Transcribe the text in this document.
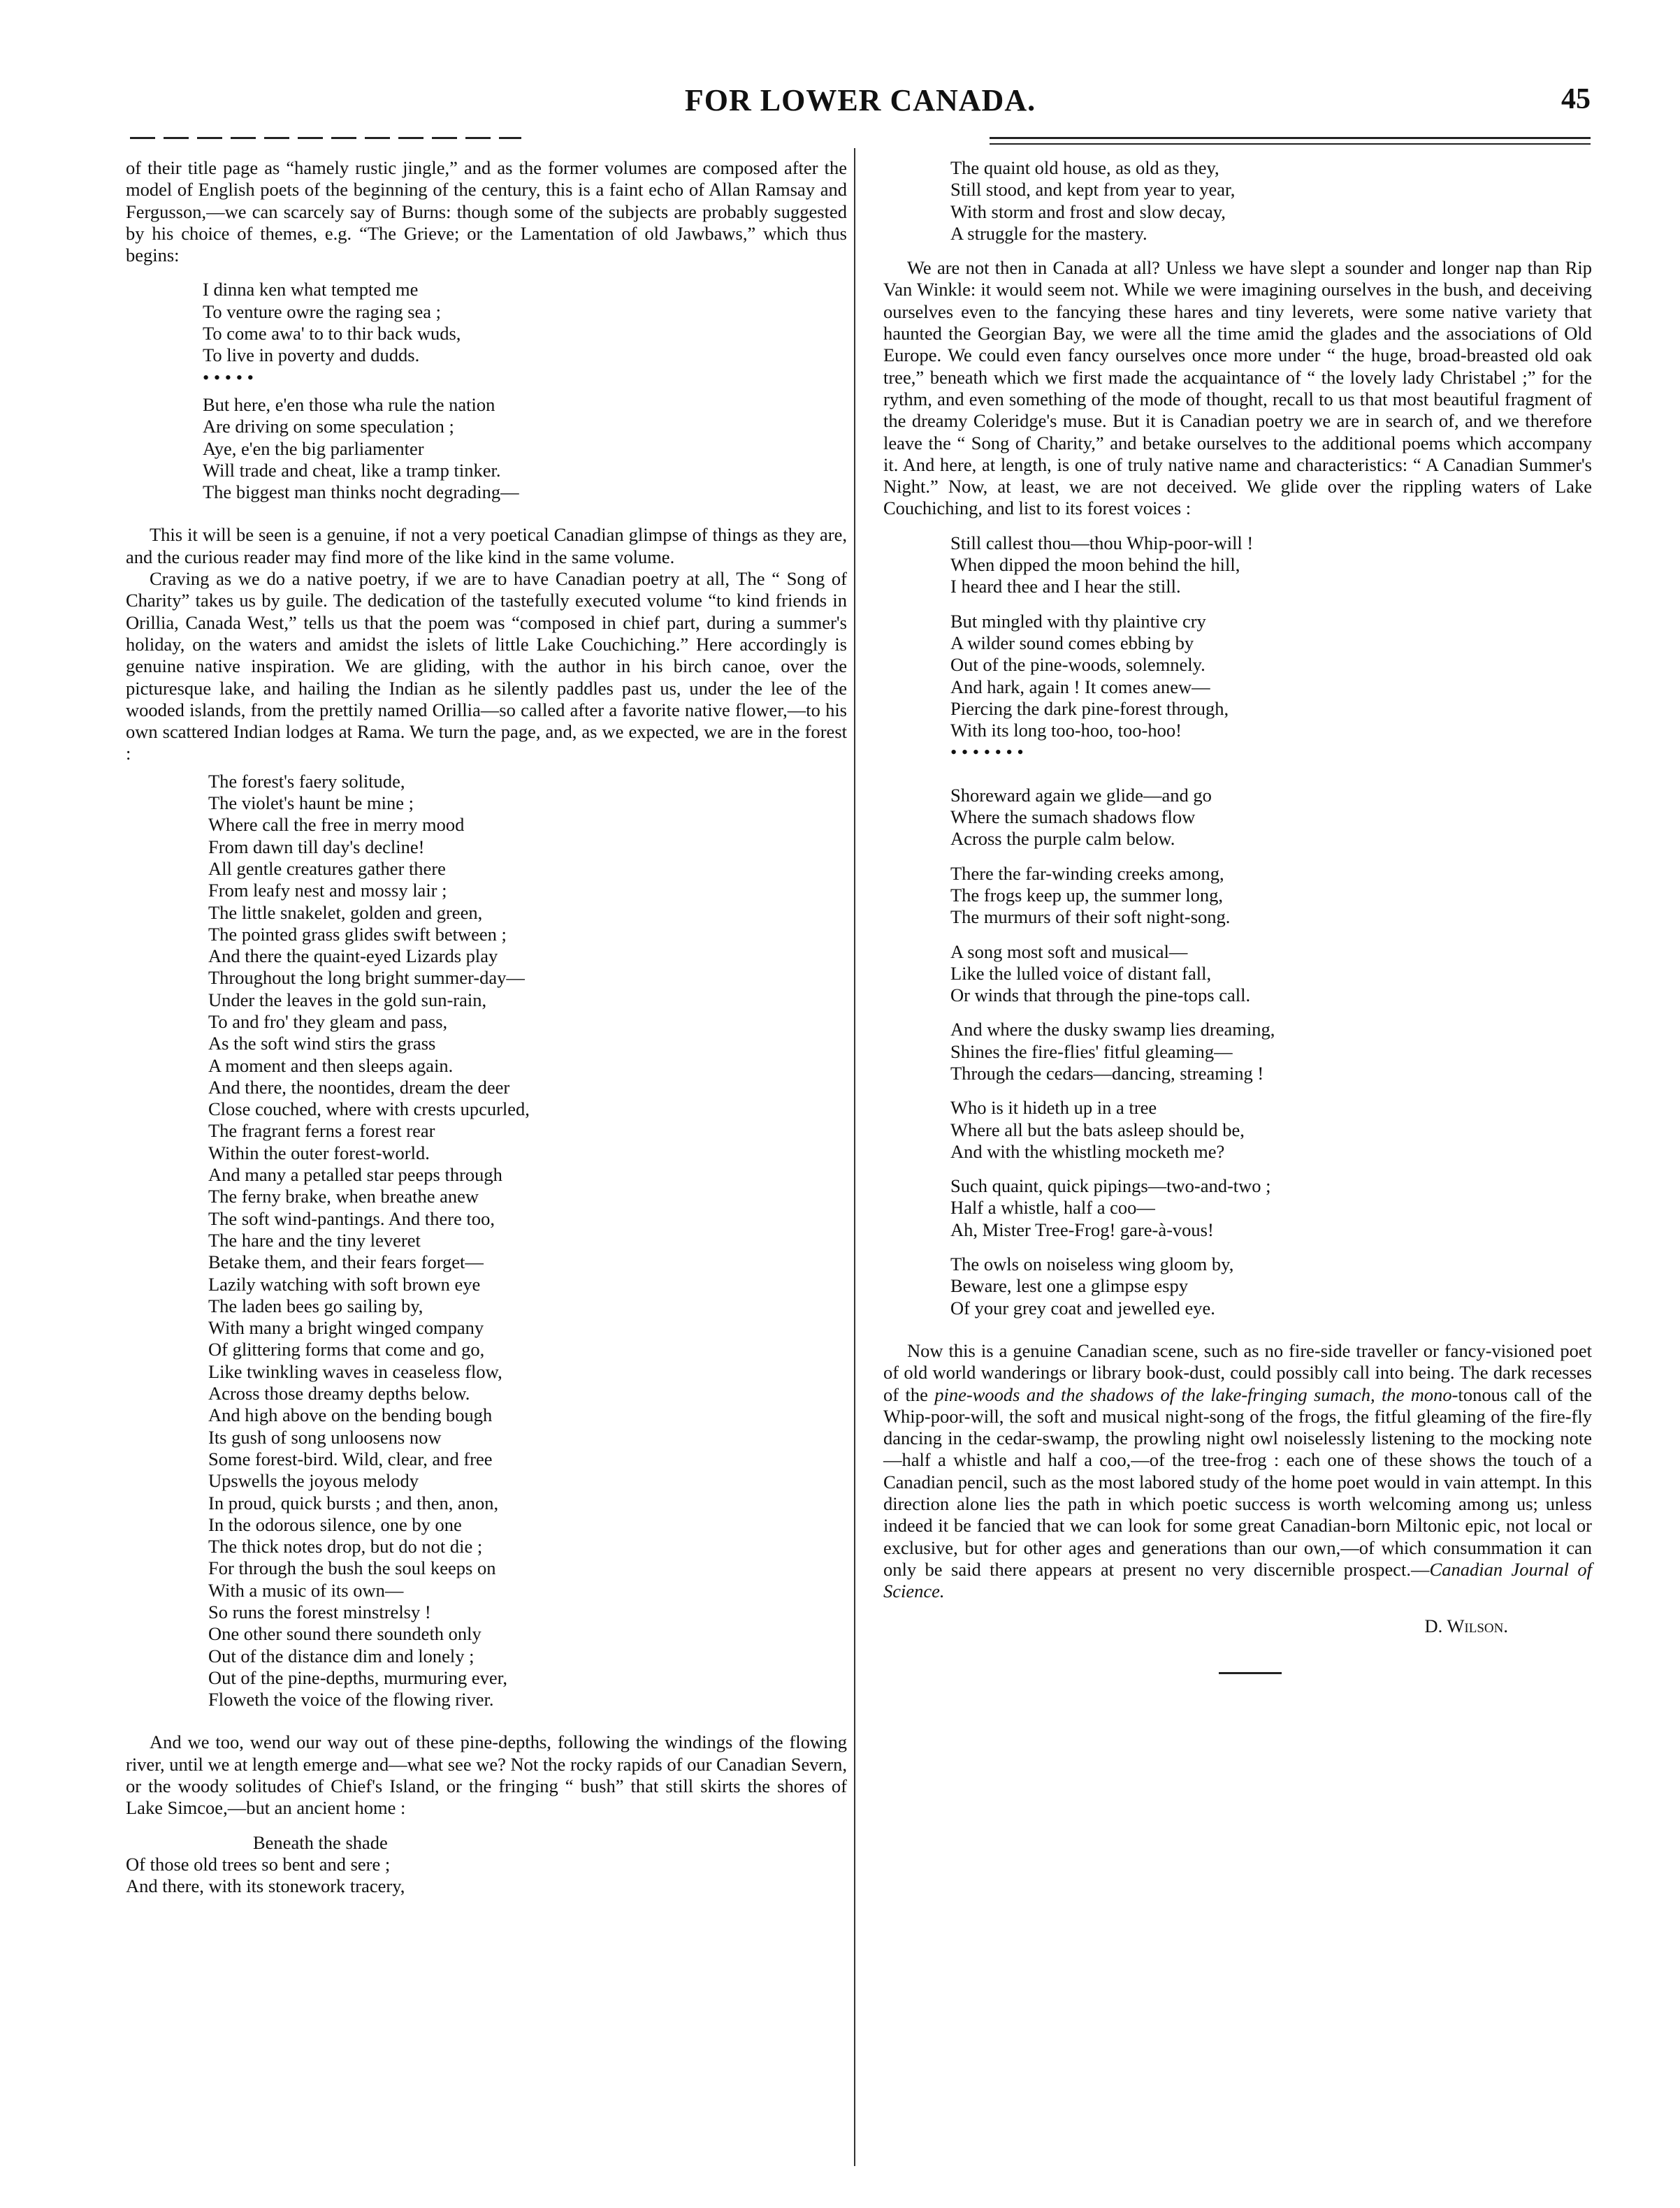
FOR LOWER CANADA.	45

of their title page as “hamely rustic jingle,” and as the former volumes are composed after the model of English poets of the beginning of the century, this is a faint echo of Allan Ramsay and Fergusson,—we can scarcely say of Burns: though some of the subjects are probably suggested by his choice of themes, e.g. “The Grieve; or the Lamentation of old Jawbaws,” which thus begins:

I dinna ken what tempted me
To venture owre the raging sea ;
To come awa' to to thir back wuds,
To live in poverty and dudds.
• • • • •
But here, e'en those wha rule the nation
Are driving on some speculation ;
Aye, e'en the big parliamenter
Will trade and cheat, like a tramp tinker.
The biggest man thinks nocht degrading—

This it will be seen is a genuine, if not a very poetical Canadian glimpse of things as they are, and the curious reader may find more of the like kind in the same volume.

Craving as we do a native poetry, if we are to have Canadian poetry at all, The “ Song of Charity” takes us by guile. The dedication of the tastefully executed volume “to kind friends in Orillia, Canada West,” tells us that the poem was “composed in chief part, during a summer's holiday, on the waters and amidst the islets of little Lake Couchiching.” Here accordingly is genuine native inspiration. We are gliding, with the author in his birch canoe, over the picturesque lake, and hailing the Indian as he silently paddles past us, under the lee of the wooded islands, from the prettily named Orillia—so called after a favorite native flower,—to his own scattered Indian lodges at Rama. We turn the page, and, as we expected, we are in the forest :

The forest's faery solitude,
The violet's haunt be mine ;
Where call the free in merry mood
From dawn till day's decline!
All gentle creatures gather there
From leafy nest and mossy lair ;
The little snakelet, golden and green,
The pointed grass glides swift between ;
And there the quaint-eyed Lizards play
Throughout the long bright summer-day—
Under the leaves in the gold sun-rain,
To and fro' they gleam and pass,
As the soft wind stirs the grass
A moment and then sleeps again.
And there, the noontides, dream the deer
Close couched, where with crests upcurled,
The fragrant ferns a forest rear
Within the outer forest-world.
And many a petalled star peeps through
The ferny brake, when breathe anew
The soft wind-pantings. And there too,
The hare and the tiny leveret
Betake them, and their fears forget—
Lazily watching with soft brown eye
The laden bees go sailing by,
With many a bright winged company
Of glittering forms that come and go,
Like twinkling waves in ceaseless flow,
Across those dreamy depths below.
And high above on the bending bough
Its gush of song unloosens now
Some forest-bird. Wild, clear, and free
Upswells the joyous melody
In proud, quick bursts ; and then, anon,
In the odorous silence, one by one
The thick notes drop, but do not die ;
For through the bush the soul keeps on
With a music of its own—
So runs the forest minstrelsy !
One other sound there soundeth only
Out of the distance dim and lonely ;
Out of the pine-depths, murmuring ever,
Floweth the voice of the flowing river.

And we too, wend our way out of these pine-depths, following the windings of the flowing river, until we at length emerge and—what see we? Not the rocky rapids of our Canadian Severn, or the woody solitudes of Chief's Island, or the fringing “ bush” that still skirts the shores of Lake Simcoe,—but an ancient home :

Beneath the shade
Of those old trees so bent and sere ;
And there, with its stonework tracery,
The quaint old house, as old as they,
Still stood, and kept from year to year,
With storm and frost and slow decay,
A struggle for the mastery.

We are not then in Canada at all? Unless we have slept a sounder and longer nap than Rip Van Winkle: it would seem not. While we were imagining ourselves in the bush, and deceiving ourselves even to the fancying these hares and tiny leverets, were some native variety that haunted the Georgian Bay, we were all the time amid the glades and the associations of Old Europe. We could even fancy ourselves once more under “ the huge, broad-breasted old oak tree,” beneath which we first made the acquaintance of “ the lovely lady Christabel ;” for the rythm, and even something of the mode of thought, recall to us that most beautiful fragment of the dreamy Coleridge's muse. But it is Canadian poetry we are in search of, and we therefore leave the “ Song of Charity,” and betake ourselves to the additional poems which accompany it. And here, at length, is one of truly native name and characteristics: “ A Canadian Summer's Night.” Now, at least, we are not deceived. We glide over the rippling waters of Lake Couchiching, and list to its forest voices :

Still callest thou—thou Whip-poor-will !
When dipped the moon behind the hill,
I heard thee and I hear the still.
But mingled with thy plaintive cry
A wilder sound comes ebbing by
Out of the pine-woods, solemnely.
And hark, again ! It comes anew—
Piercing the dark pine-forest through,
With its long too-hoo, too-hoo!
• • • • • • •
Shoreward again we glide—and go
Where the sumach shadows flow
Across the purple calm below.
There the far-winding creeks among,
The frogs keep up, the summer long,
The murmurs of their soft night-song.
A song most soft and musical—
Like the lulled voice of distant fall,
Or winds that through the pine-tops call.
And where the dusky swamp lies dreaming,
Shines the fire-flies' fitful gleaming—
Through the cedars—dancing, streaming !
Who is it hideth up in a tree
Where all but the bats asleep should be,
And with the whistling mocketh me?
Such quaint, quick pipings—two-and-two ;
Half a whistle, half a coo—
Ah, Mister Tree-Frog! gare-à-vous!
The owls on noiseless wing gloom by,
Beware, lest one a glimpse espy
Of your grey coat and jewelled eye.

Now this is a genuine Canadian scene, such as no fire-side traveller or fancy-visioned poet of old world wanderings or library book-dust, could possibly call into being. The dark recesses of the pine-woods and the shadows of the lake-fringing sumach, the mono-tonous call of the Whip-poor-will, the soft and musical night-song of the frogs, the fitful gleaming of the fire-fly dancing in the cedar-swamp, the prowling night owl noiselessly listening to the mocking note—half a whistle and half a coo,—of the tree-frog : each one of these shows the touch of a Canadian pencil, such as the most labored study of the home poet would in vain attempt. In this direction alone lies the path in which poetic success is worth welcoming among us; unless indeed it be fancied that we can look for some great Canadian-born Miltonic epic, not local or exclusive, but for other ages and generations than our own,—of which consummation it can only be said there appears at present no very discernible prospect.—Canadian Journal of Science.

D. Wilson.
